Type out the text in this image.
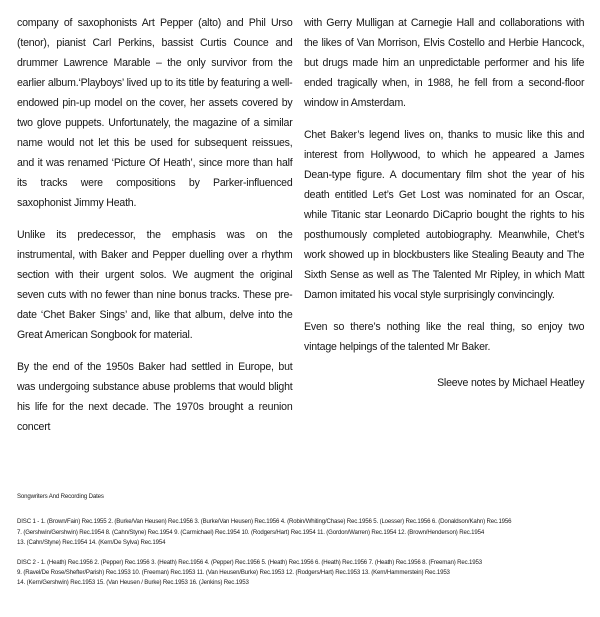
company of saxophonists Art Pepper (alto) and Phil Urso (tenor), pianist Carl Perkins, bassist Curtis Counce and drummer Lawrence Marable – the only survivor from the earlier album.‘Playboys’ lived up to its title by featuring a well-endowed pin-up model on the cover, her assets covered by two glove puppets. Unfortunately, the magazine of a similar name would not let this be used for subsequent reissues, and it was renamed ‘Picture Of Heath’, since more than half its tracks were compositions by Parker-influenced saxophonist Jimmy Heath.

Unlike its predecessor, the emphasis was on the instrumental, with Baker and Pepper duelling over a rhythm section with their urgent solos. We augment the original seven cuts with no fewer than nine bonus tracks. These pre-date ‘Chet Baker Sings’ and, like that album, delve into the Great American Songbook for material.

By the end of the 1950s Baker had settled in Europe, but was undergoing substance abuse problems that would blight his life for the next decade. The 1970s brought a reunion concert

with Gerry Mulligan at Carnegie Hall and collaborations with the likes of Van Morrison, Elvis Costello and Herbie Hancock, but drugs made him an unpredictable performer and his life ended tragically when, in 1988, he fell from a second-floor window in Amsterdam.

Chet Baker’s legend lives on, thanks to music like this and interest from Hollywood, to which he appeared a James Dean-type figure. A documentary film shot the year of his death entitled Let’s Get Lost was nominated for an Oscar, while Titanic star Leonardo DiCaprio bought the rights to his posthumously completed autobiography. Meanwhile, Chet’s work showed up in blockbusters like Stealing Beauty and The Sixth Sense as well as The Talented Mr Ripley, in which Matt Damon imitated his vocal style surprisingly convincingly.

Even so there’s nothing like the real thing, so enjoy two vintage helpings of the talented Mr Baker.

Sleeve notes by Michael Heatley
Songwriters And Recording Dates
DISC 1 - 1. (Brown/Fain) Rec.1955 2. (Burke/Van Heusen) Rec.1956 3. (Burke/Van Heusen) Rec.1956 4. (Robin/Whiting/Chase) Rec.1956 5. (Loesser) Rec.1956 6. (Donaldson/Kahn) Rec.1956
7. (Gershwin/Gershwin) Rec.1954 8. (Cahn/Styne) Rec.1954 9. (Carmichael) Rec.1954 10. (Rodgers/Hart) Rec.1954 11. (Gordon/Warren) Rec.1954 12. (Brown/Henderson) Rec.1954
13. (Cahn/Styne) Rec.1954 14. (Kern/De Sylva) Rec.1954
DISC 2 - 1. (Heath) Rec.1956 2. (Pepper) Rec.1956 3. (Heath) Rec.1956 4. (Pepper) Rec.1956 5. (Heath) Rec.1956 6. (Heath) Rec.1956 7. (Heath) Rec.1956 8. (Freeman) Rec.1953
9. (Ravel/De Rose/Shefter/Parish) Rec.1953 10. (Freeman) Rec.1953 11. (Van Heusen/Burke) Rec.1953 12. (Rodgers/Hart) Rec.1953 13. (Kern/Hammerstein) Rec.1953
14. (Kern/Gershwin) Rec.1953 15. (Van Heusen / Burke) Rec.1953 16. (Jenkins) Rec.1953
